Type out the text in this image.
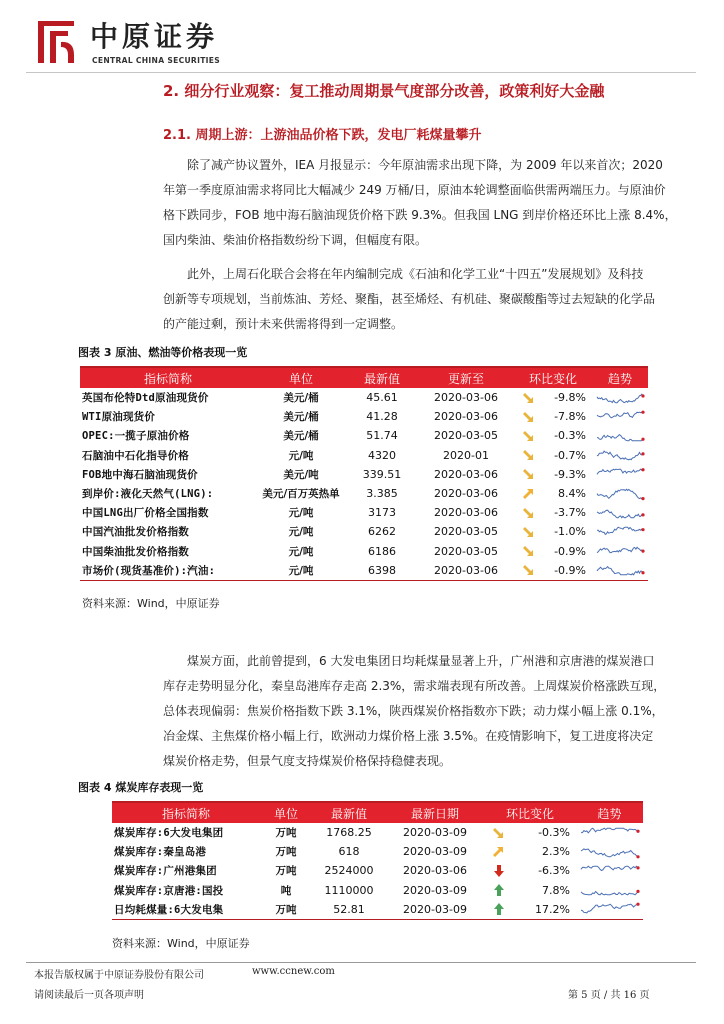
中原证券
CENTRAL CHINA SECURITIES
2. 细分行业观察：复工推动周期景气度部分改善，政策利好大金融
2.1. 周期上游：上游油品价格下跌，发电厂耗煤量攀升
除了减产协议置外，IEA 月报显示：今年原油需求出现下降，为 2009 年以来首次；2020
年第一季度原油需求将同比大幅减少 249 万桶/日，原油本轮调整面临供需两端压力。与原油价
格下跌同步，FOB 地中海石脑油现货价格下跌 9.3%。但我国 LNG 到岸价格还环比上涨 8.4%，
国内柴油、柴油价格指数纷纷下调，但幅度有限。
此外，上周石化联合会将在年内编制完成《石油和化学工业“十四五”发展规划》及科技
创新等专项规划，当前炼油、芳烃、聚酯，甚至烯烃、有机硅、聚碳酸酯等过去短缺的化学品
的产能过剩，预计未来供需将得到一定调整。
图表 3 原油、燃油等价格表现一览
指标简称	单位	最新值	更新至	环比变化	趋势
英国布伦特Dtd原油现货价	美元/桶	45.61	2020-03-06	-9.8%
WTI原油现货价	美元/桶	41.28	2020-03-06	-7.8%
OPEC:一揽子原油价格	美元/桶	51.74	2020-03-05	-0.3%
石脑油中石化指导价格	元/吨	4320	2020-01	-0.7%
FOB地中海石脑油现货价	美元/吨	339.51	2020-03-06	-9.3%
到岸价:液化天然气(LNG):	美元/百万英热单	3.385	2020-03-06	8.4%
中国LNG出厂价格全国指数	元/吨	3173	2020-03-06	-3.7%
中国汽油批发价格指数	元/吨	6262	2020-03-05	-1.0%
中国柴油批发价格指数	元/吨	6186	2020-03-05	-0.9%
市场价(现货基准价):汽油:	元/吨	6398	2020-03-06	-0.9%
资料来源：Wind，中原证券
煤炭方面，此前曾提到，6 大发电集团日均耗煤量显著上升，广州港和京唐港的煤炭港口
库存走势明显分化，秦皇岛港库存走高 2.3%，需求端表现有所改善。上周煤炭价格涨跌互现，
总体表现偏弱：焦炭价格指数下跌 3.1%，陕西煤炭价格指数亦下跌；动力煤小幅上涨 0.1%，
冶金煤、主焦煤价格小幅上行，欧洲动力煤价格上涨 3.5%。在疫情影响下，复工进度将决定
煤炭价格走势，但景气度支持煤炭价格保持稳健表现。
图表 4 煤炭库存表现一览
指标简称	单位	最新值	最新日期	环比变化	趋势
煤炭库存:6大发电集团	万吨	1768.25	2020-03-09	-0.3%
煤炭库存:秦皇岛港	万吨	618	2020-03-09	2.3%
煤炭库存:广州港集团	万吨	2524000	2020-03-06	-6.3%
煤炭库存:京唐港:国投	吨	1110000	2020-03-09	7.8%
日均耗煤量:6大发电集	万吨	52.81	2020-03-09	17.2%
资料来源：Wind，中原证券
本报告版权属于中原证券股份有限公司	www.ccnew.com
请阅读最后一页各项声明	第 5 页 / 共 16 页
